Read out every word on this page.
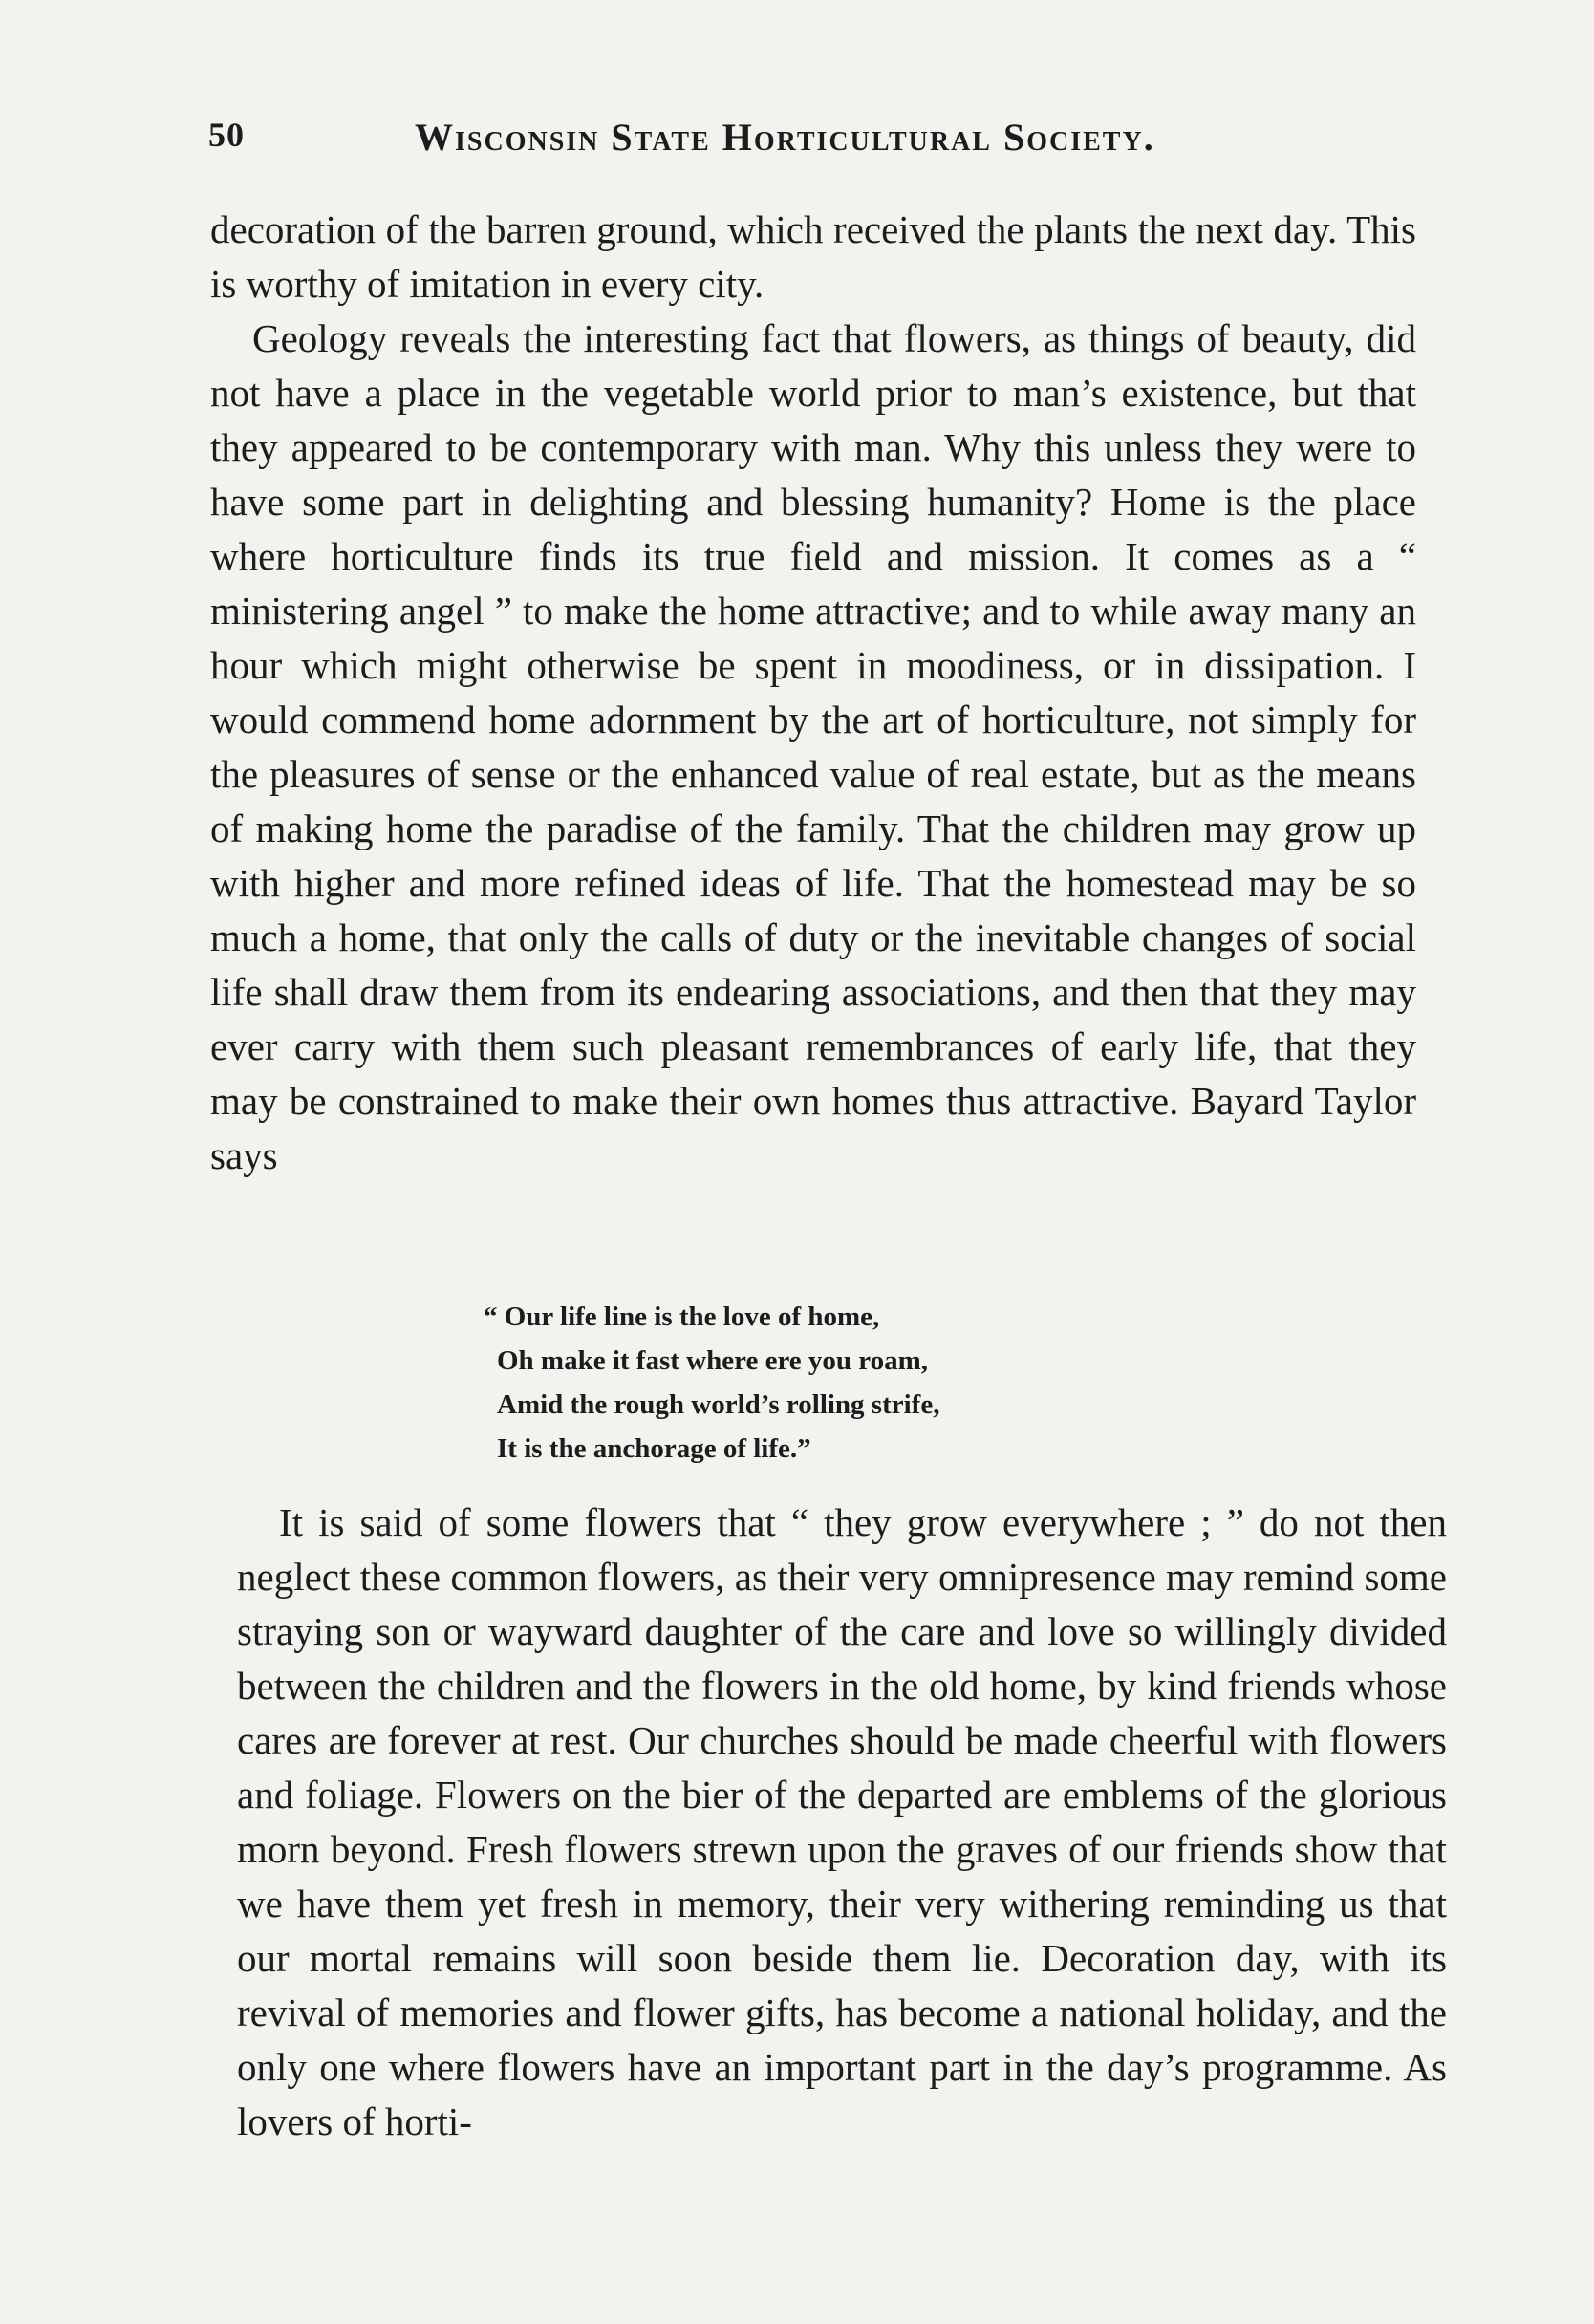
50	Wisconsin State Horticultural Society.

decoration of the barren ground, which received the plants the next day. This is worthy of imitation in every city.

Geology reveals the interesting fact that flowers, as things of beauty, did not have a place in the vegetable world prior to man’s existence, but that they appeared to be contemporary with man. Why this unless they were to have some part in delighting and blessing humanity? Home is the place where horticulture finds its true field and mission. It comes as a “ ministering angel ” to make the home attractive; and to while away many an hour which might otherwise be spent in moodiness, or in dissipation. I would commend home adornment by the art of horticulture, not simply for the pleasures of sense or the enhanced value of real estate, but as the means of making home the paradise of the family. That the children may grow up with higher and more refined ideas of life. That the homestead may be so much a home, that only the calls of duty or the inevitable changes of social life shall draw them from its endearing associations, and then that they may ever carry with them such pleasant remembrances of early life, that they may be constrained to make their own homes thus attractive. Bayard Taylor says

“ Our life line is the love of home,
Oh make it fast where ere you roam,
Amid the rough world’s rolling strife,
It is the anchorage of life.”

It is said of some flowers that “ they grow everywhere ; ” do not then neglect these common flowers, as their very omnipresence may remind some straying son or wayward daughter of the care and love so willingly divided between the children and the flowers in the old home, by kind friends whose cares are forever at rest. Our churches should be made cheerful with flowers and foliage. Flowers on the bier of the departed are emblems of the glorious morn beyond. Fresh flowers strewn upon the graves of our friends show that we have them yet fresh in memory, their very withering reminding us that our mortal remains will soon beside them lie. Decoration day, with its revival of memories and flower gifts, has become a national holiday, and the only one where flowers have an important part in the day’s programme. As lovers of horti-
